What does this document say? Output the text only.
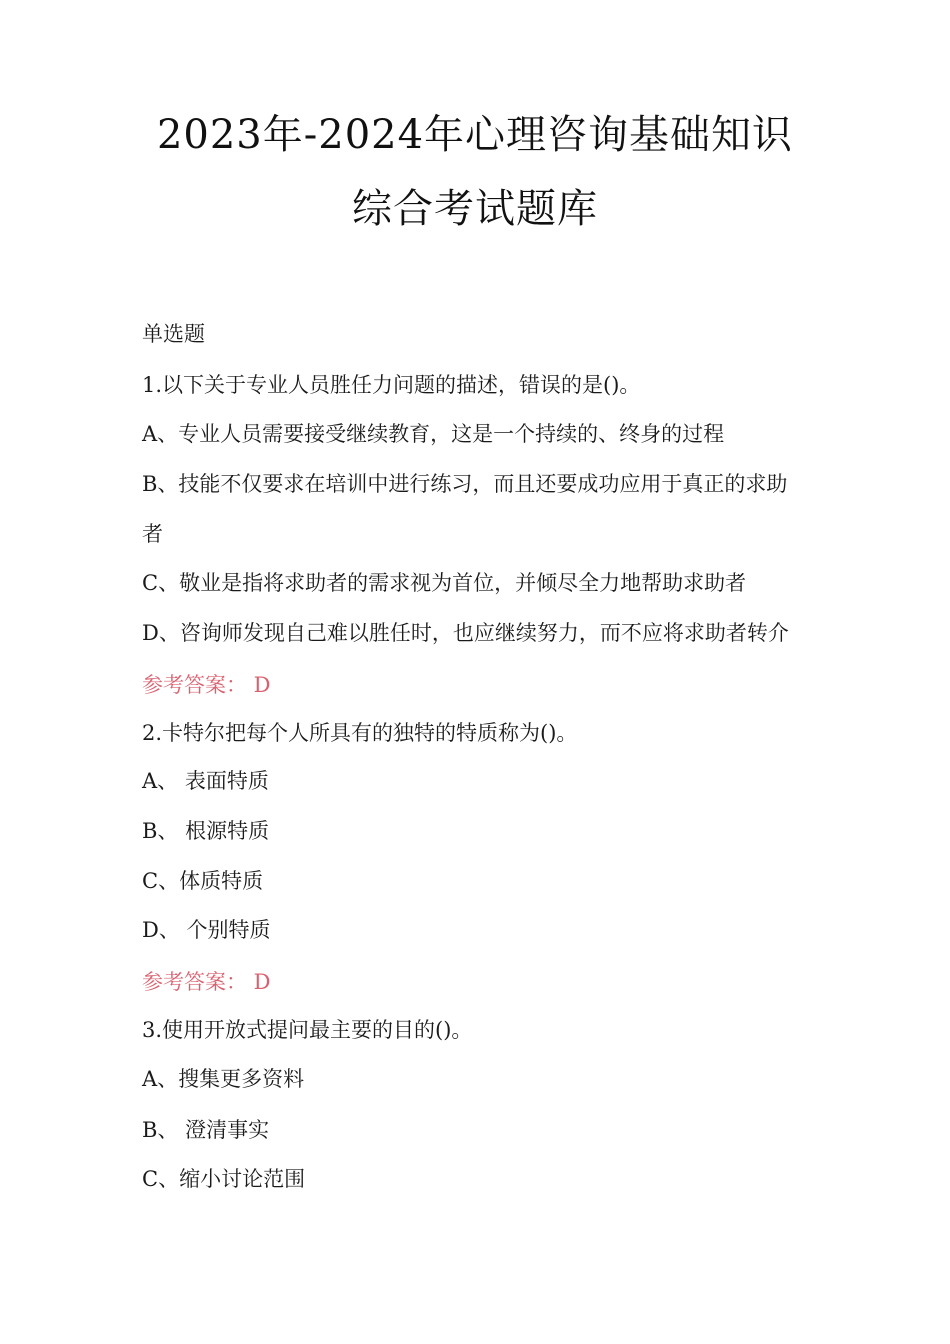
2023年-2024年心理咨询基础知识
综合考试题库
单选题
1.以下关于专业人员胜任力问题的描述，错误的是()。
A、专业人员需要接受继续教育，这是一个持续的、终身的过程
B、技能不仅要求在培训中进行练习，而且还要成功应用于真正的求助
者
C、敬业是指将求助者的需求视为首位，并倾尽全力地帮助求助者
D、咨询师发现自己难以胜任时，也应继续努力，而不应将求助者转介
参考答案： D
2.卡特尔把每个人所具有的独特的特质称为()。
A、 表面特质
B、 根源特质
C、体质特质
D、 个别特质
参考答案： D
3.使用开放式提问最主要的目的()。
A、搜集更多资料
B、 澄清事实
C、缩小讨论范围
